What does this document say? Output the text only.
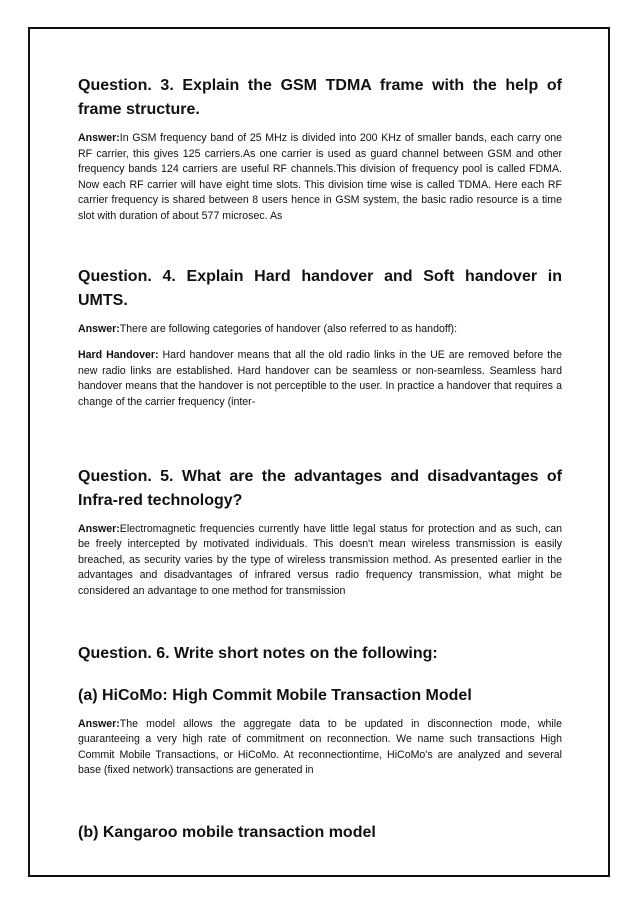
Question. 3. Explain the GSM TDMA frame with the help of frame structure.

Answer:In GSM frequency band of 25 MHz is divided into 200 KHz of smaller bands, each carry one RF carrier, this gives 125 carriers.As one carrier is used as guard channel between GSM and other frequency bands 124 carriers are useful RF channels.This division of frequency pool is called FDMA. Now each RF carrier will have eight time slots. This division time wise is called TDMA. Here each RF carrier frequency is shared between 8 users hence in GSM system, the basic radio resource is a time slot with duration of about 577 microsec. As

Question. 4. Explain Hard handover and Soft handover in UMTS.

Answer:There are following categories of handover (also referred to as handoff):

Hard Handover: Hard handover means that all the old radio links in the UE are removed before the new radio links are established. Hard handover can be seamless or non-seamless. Seamless hard handover means that the handover is not perceptible to the user. In practice a handover that requires a change of the carrier frequency (inter-

Question. 5. What are the advantages and disadvantages of Infra-red technology?

Answer:Electromagnetic frequencies currently have little legal status for protection and as such, can be freely intercepted by motivated individuals. This doesn't mean wireless transmission is easily breached, as security varies by the type of wireless transmission method. As presented earlier in the advantages and disadvantages of infrared versus radio frequency transmission, what might be considered an advantage to one method for transmission

Question. 6. Write short notes on the following:

(a) HiCoMo: High Commit Mobile Transaction Model

Answer:The model allows the aggregate data to be updated in disconnection mode, while guaranteeing a very high rate of commitment on reconnection. We name such transactions High Commit Mobile Transactions, or HiCoMo. At reconnectiontime, HiCoMo's are analyzed and several base (fixed network) transactions are generated in

(b) Kangaroo mobile transaction model
